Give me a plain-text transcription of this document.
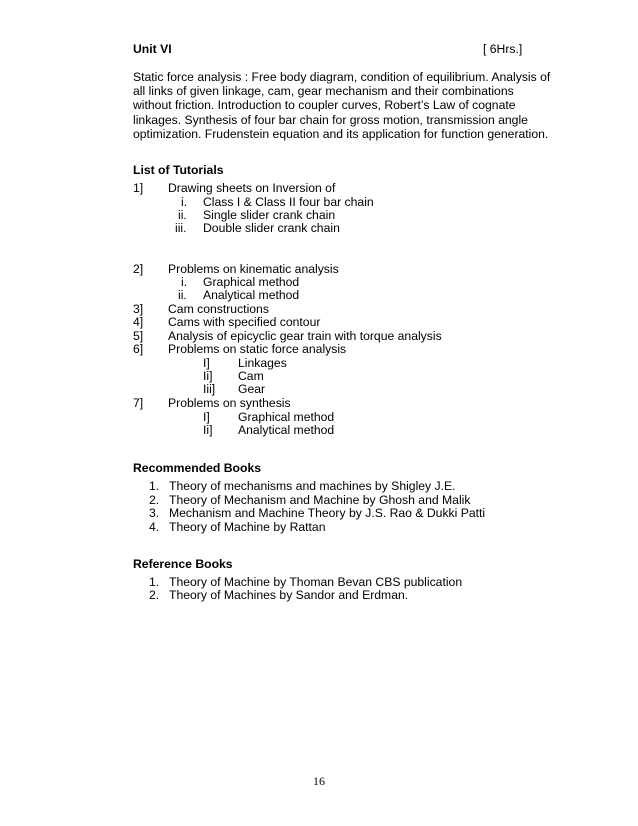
Unit VI	[ 6Hrs.]
Static force analysis : Free body diagram, condition of equilibrium. Analysis of
all links of given linkage, cam, gear mechanism and their combinations
without friction. Introduction to coupler curves, Robert’s Law of cognate
linkages. Synthesis of four bar chain for gross motion, transmission angle
optimization. Frudenstein equation and its application for function generation.
List of Tutorials
1] Drawing sheets on Inversion of
i. Class I & Class II four bar chain
ii. Single slider crank chain
iii. Double slider crank chain
2] Problems on kinematic analysis
i. Graphical method
ii. Analytical method
3] Cam constructions
4] Cams with specified contour
5] Analysis of epicyclic gear train with torque analysis
6] Problems on static force analysis
I] Linkages
Ii] Cam
Iii] Gear
7] Problems on synthesis
I] Graphical method
Ii] Analytical method
Recommended Books
1. Theory of mechanisms and machines by Shigley J.E.
2. Theory of Mechanism and Machine by Ghosh and Malik
3. Mechanism and Machine Theory by J.S. Rao & Dukki Patti
4. Theory of Machine by Rattan
Reference Books
1. Theory of Machine by Thoman Bevan CBS publication
2. Theory of Machines by Sandor and Erdman.
16
